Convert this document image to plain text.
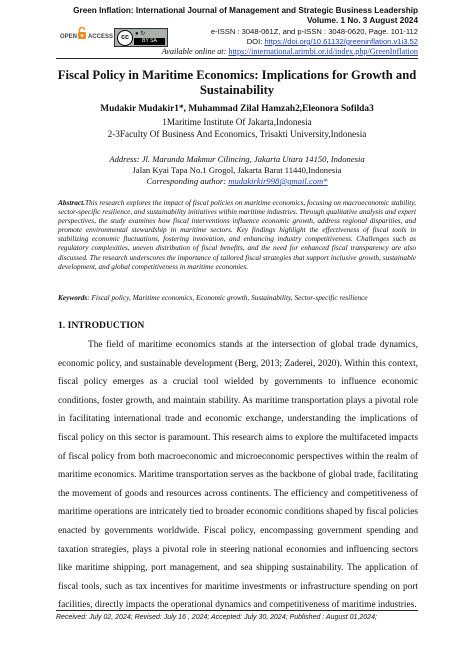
Green Inflation: International Journal of Management and Strategic Business Leadership
Volume. 1 No. 3 August 2024
OPEN ACCESS	cc	● ↻
BY SA
e-ISSN : 3048-061Z, and p-ISSN : 3048-0620, Page. 101-112
DOI: https://doi.org/10.61132/greeninflation.v1i3.52
Available online at: https://international.arimbi.or.id/index.php/GreenInflation
Fiscal Policy in Maritime Economics: Implications for Growth and Sustainability
Mudakir Mudakir1*, Muhammad Zilal Hamzah2,Eleonora Sofilda3
1Maritime Institute Of Jakarta,Indonesia
2-3Faculty Of Business And Economics, Trisakti University,Indonesia
Address: Jl. Marunda Makmur Cilincing, Jakarta Utara 14150, Indonesia
Jalan Kyai Tapa No.1 Grogol, Jakarta Barat 11440,Indonesia
Corresponding author: mudakirkir998@gmail.com*
Abstract.This research explores the impact of fiscal policies on maritime economics, focusing on macroeconomic stability, sector-specific resilience, and sustainability initiatives within maritime industries. Through qualitative analysis and expert perspectives, the study examines how fiscal interventions influence economic growth, address regional disparities, and promote environmental stewardship in maritime sectors. Key findings highlight the effectiveness of fiscal tools in stabilizing economic fluctuations, fostering innovation, and enhancing industry competitiveness. Challenges such as regulatory complexities, uneven distribution of fiscal benefits, and the need for enhanced fiscal transparency are also discussed. The research underscores the importance of tailored fiscal strategies that support inclusive growth, sustainable development, and global competitiveness in maritime economies.
Keywords: Fiscal policy, Maritime economics, Economic growth, Sustainability, Sector-specific resilience
1. INTRODUCTION
The field of maritime economics stands at the intersection of global trade dynamics, economic policy, and sustainable development (Berg, 2013; Zaderei, 2020). Within this context, fiscal policy emerges as a crucial tool wielded by governments to influence economic conditions, foster growth, and maintain stability. As maritime transportation plays a pivotal role in facilitating international trade and economic exchange, understanding the implications of fiscal policy on this sector is paramount. This research aims to explore the multifaceted impacts of fiscal policy from both macroeconomic and microeconomic perspectives within the realm of maritime economics. Maritime transportation serves as the backbone of global trade, facilitating the movement of goods and resources across continents. The efficiency and competitiveness of maritime operations are intricately tied to broader economic conditions shaped by fiscal policies enacted by governments worldwide. Fiscal policy, encompassing government spending and taxation strategies, plays a pivotal role in steering national economies and influencing sectors like maritime shipping, port management, and sea shipping sustainability. The application of fiscal tools, such as tax incentives for maritime investments or infrastructure spending on port facilities, directly impacts the operational dynamics and competitiveness of maritime industries.
Received: July 02, 2024; Revised: July 16 , 2024; Accepted: July 30, 2024; Published : August 01,2024;
